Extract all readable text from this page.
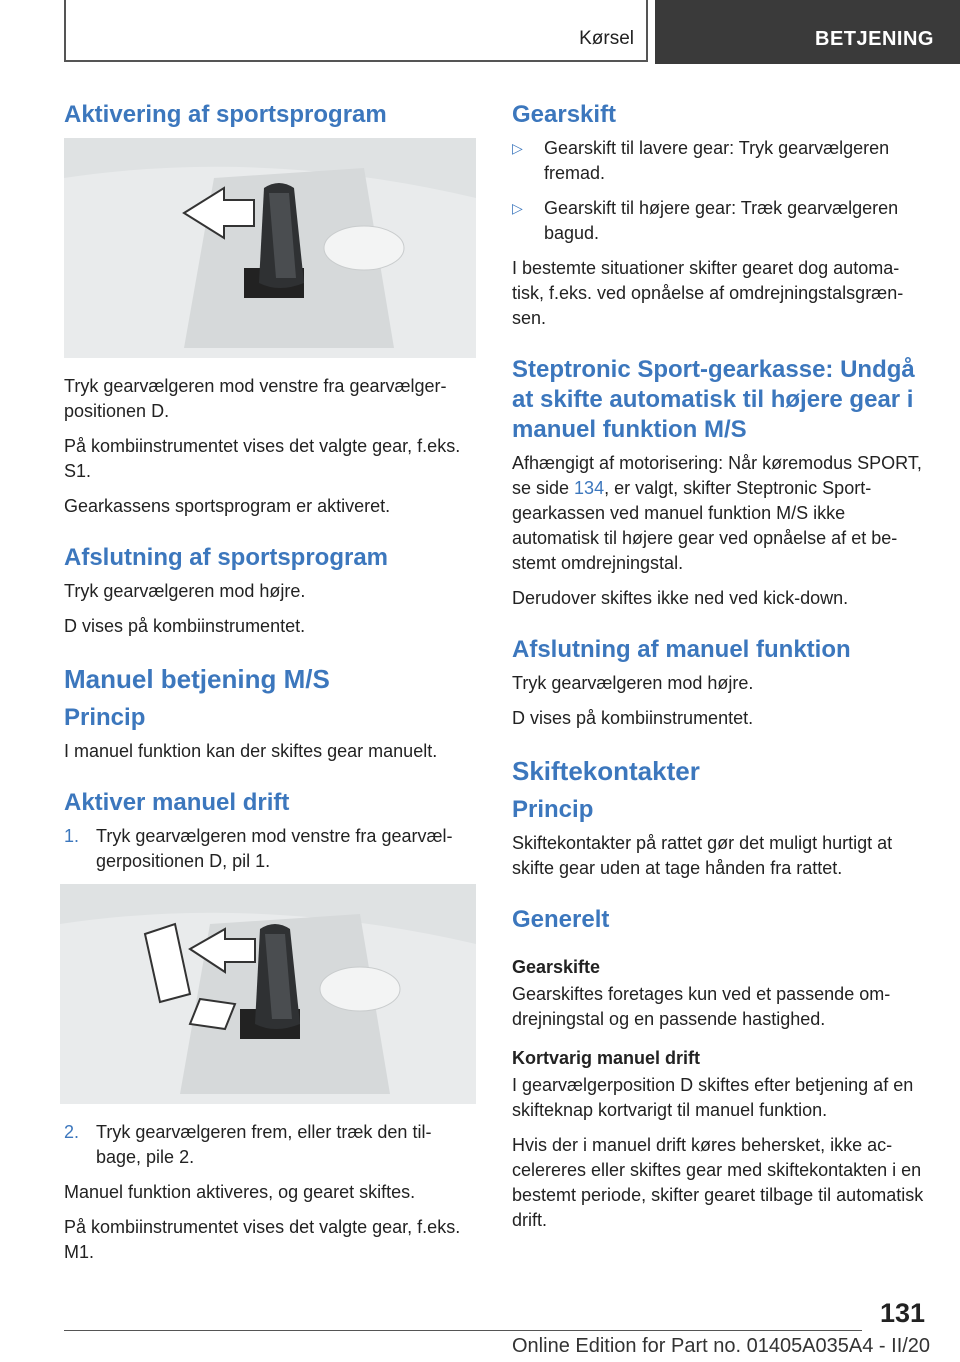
Kørsel	BETJENING
Aktivering af sportsprogram

Tryk gearvælgeren mod venstre fra gearvælger-positionen D.

På kombiinstrumentet vises det valgte gear, f.eks. S1.

Gearkassens sportsprogram er aktiveret.

Afslutning af sportsprogram

Tryk gearvælgeren mod højre.

D vises på kombiinstrumentet.

Manuel betjening M/S
Princip

I manuel funktion kan der skiftes gear manuelt.

Aktiver manuel drift
1. Tryk gearvælgeren mod venstre fra gearvæl-gerpositionen D, pil 1.
2. Tryk gearvælgeren frem, eller træk den til-bage, pile 2.

Manuel funktion aktiveres, og gearet skiftes.

På kombiinstrumentet vises det valgte gear, f.eks. M1.

Gearskift
▷ Gearskift til lavere gear: Tryk gearvælgeren fremad.
▷ Gearskift til højere gear: Træk gearvælgeren bagud.

I bestemte situationer skifter gearet dog automa-tisk, f.eks. ved opnåelse af omdrejningstalsgræn-sen.

Steptronic Sport-gearkasse: Undgå at skifte automatisk til højere gear i manuel funktion M/S

Afhængigt af motorisering: Når køremodus SPORT, se side 134, er valgt, skifter Steptronic Sport-gearkassen ved manuel funktion M/S ikke automatisk til højere gear ved opnåelse af et be-stemt omdrejningstal.

Derudover skiftes ikke ned ved kick-down.

Afslutning af manuel funktion

Tryk gearvælgeren mod højre.

D vises på kombiinstrumentet.

Skiftekontakter
Princip

Skiftekontakter på rattet gør det muligt hurtigt at skifte gear uden at tage hånden fra rattet.

Generelt

Gearskifte

Gearskiftes foretages kun ved et passende om-drejningstal og en passende hastighed.

Kortvarig manuel drift

I gearvælgerposition D skiftes efter betjening af en skifteknap kortvarigt til manuel funktion.

Hvis der i manuel drift køres behersket, ikke ac-celereres eller skiftes gear med skiftekontakten i en bestemt periode, skifter gearet tilbage til automatisk drift.

131
Online Edition for Part no. 01405A035A4 - II/20
